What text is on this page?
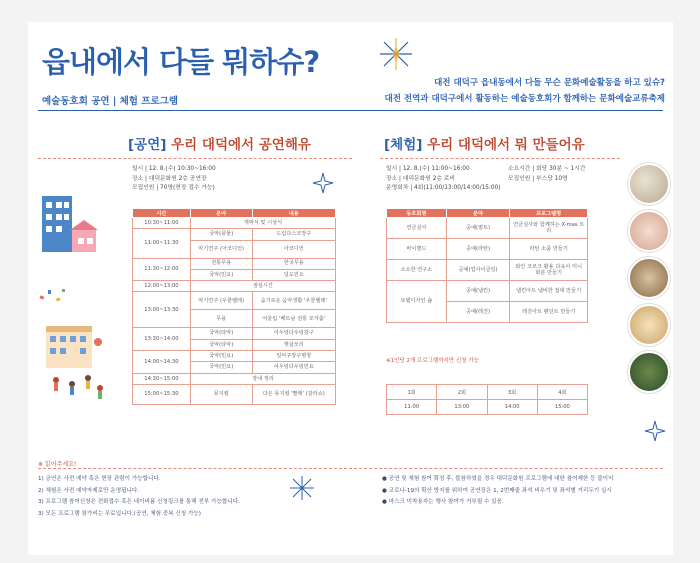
읍내에서 다들 뭐하슈?
대전 대덕구 읍내동에서 다들 무슨 문화예술활동을 하고 있슈?
대전 전역과 대덕구에서 활동하는 예술동호회가 함께하는 문화예술교류축제
예술동호회 공연 | 체험 프로그램
[공연] 우리 대덕에서 공연해유
일시 | 12. 8.(수) 10:30~16:00
장소 | 대덕문화원 2층 공연장
모집인원 | 70명(현장 접수 가능)
시간	분야	내용
10:30~11:00	개막식 및 시상식	
11:00~11:30	국악(풍물)	드림다스코장구
	악기연주 (아코디언)	아코디언
11:30~12:00	전통무용	한국무용
	국악(민요)	널도민요
12:00~13:00	점심시간	
13:00~13:30	악기연주 (우쿨렐레)	숨기로운 음악생활 '우쿨렐레'
	무용	어울림 '베트남 전통 모자춤'
13:30~14:00	국악(타악)	어우렁다우렁장구
	국악(타악)	햇살모리
14:00~14:30	국악(민요)	일씨구장구병창
	국악(민요)	어우렁다우렁민요
14:30~15:00	장내 정리	
15:00~15:30	뮤지컬	다온 뮤지컬 '빨래' (갈라쇼)
[체험] 우리 대덕에서 뭐 만들어유
일시 | 12. 8.(수) 11:00~16:00
장소 | 대덕문화원 2층 로비
운영회차 | 4회(11:00/13:00/14:00/15:00)
소요시간 | 회당 30분 ~ 1시간
모집인원 | 부스당 10명
동호회명	분야	프로그램명
연금실사	공예(퀼트)	연금실사와 함께하는 X-mas 트리
바이핸드	공예(라탄)	라탄 소품 만들기
소소한 연구소	공예(업사이클링)	와인 코르크 활용 다육이 미니 화분 만들기
로템디자인 숍	공예(냅킨)	냅킨아트 냅비한 접대 만들기
	공예(레진)	레진아트 펜던트 만들기
※1인당 2개 프로그램까지만 신청 가능
1회	2회	3회	4회
11:00	13:00	14:00	15:00
※ 읽어주세요!
1) 공연은 사전 예약 혹은 현장 관람이 가능합니다.
2) 체험은 사전 예약자제로만 운영됩니다.
3) 프로그램 참여신청은 전화접수 혹은 네이버폼 신청링크를 통해 전부 가능합니다.
3) 모든 프로그램 참가비는 무료입니다.(공연, 체험 중복 신청 가능)
● 공연 및 체험 참여 확정 후, 불참하였을 경우 대덕문화원 프로그램에 대한 참여제한 등 불이익
● 코로나-19의 확산 방지를 위하여 공연장은 1, 2번째줄 좌석 비우기 및 좌석별 거리두기 실시
● 마스크 미착용자는 행사 참여가 거부될 수 있음.
